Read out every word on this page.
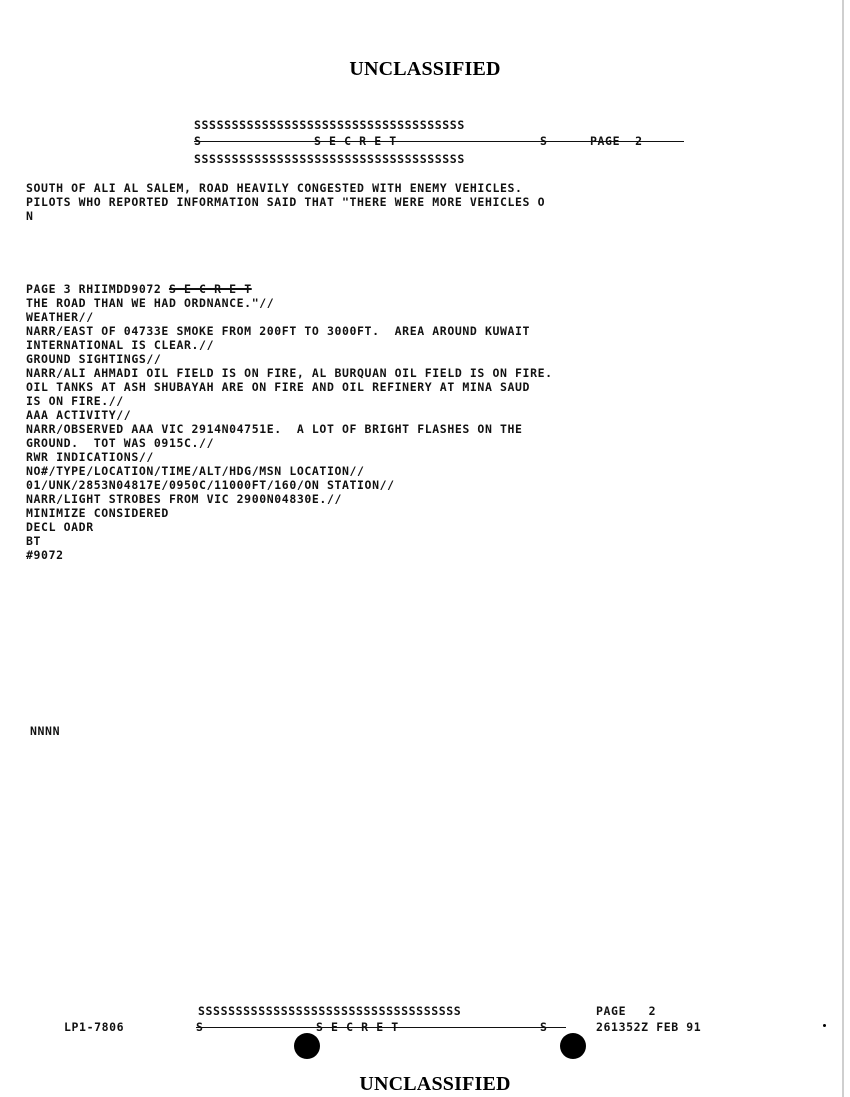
UNCLASSIFIED
SSSSSSSSSSSSSSSSSSSSSSSSSSSSSSSSSSSS

S

	S E C R E T

	S

	PAGE  2

SSSSSSSSSSSSSSSSSSSSSSSSSSSSSSSSSSSS
SOUTH OF ALI AL SALEM, ROAD HEAVILY CONGESTED WITH ENEMY VEHICLES.
PILOTS WHO REPORTED INFORMATION SAID THAT "THERE WERE MORE VEHICLES O
N
PAGE 3 RHIIMDD9072 S E C R E T
THE ROAD THAN WE HAD ORDNANCE."//
WEATHER//
NARR/EAST OF 04733E SMOKE FROM 200FT TO 3000FT.  AREA AROUND KUWAIT
INTERNATIONAL IS CLEAR.//
GROUND SIGHTINGS//
NARR/ALI AHMADI OIL FIELD IS ON FIRE, AL BURQUAN OIL FIELD IS ON FIRE.
OIL TANKS AT ASH SHUBAYAH ARE ON FIRE AND OIL REFINERY AT MINA SAUD
IS ON FIRE.//
AAA ACTIVITY//
NARR/OBSERVED AAA VIC 2914N04751E.  A LOT OF BRIGHT FLASHES ON THE
GROUND.  TOT WAS 0915C.//
RWR INDICATIONS//
NO#/TYPE/LOCATION/TIME/ALT/HDG/MSN LOCATION//
01/UNK/2853N04817E/0950C/11000FT/160/ON STATION//
NARR/LIGHT STROBES FROM VIC 2900N04830E.//
MINIMIZE CONSIDERED
DECL OADR
BT
#9072
NNNN
SSSSSSSSSSSSSSSSSSSSSSSSSSSSSSSSSSS

S

	S E C R E T

	S

LP1-7806
PAGE   2
261352Z FEB 91
UNCLASSIFIED
